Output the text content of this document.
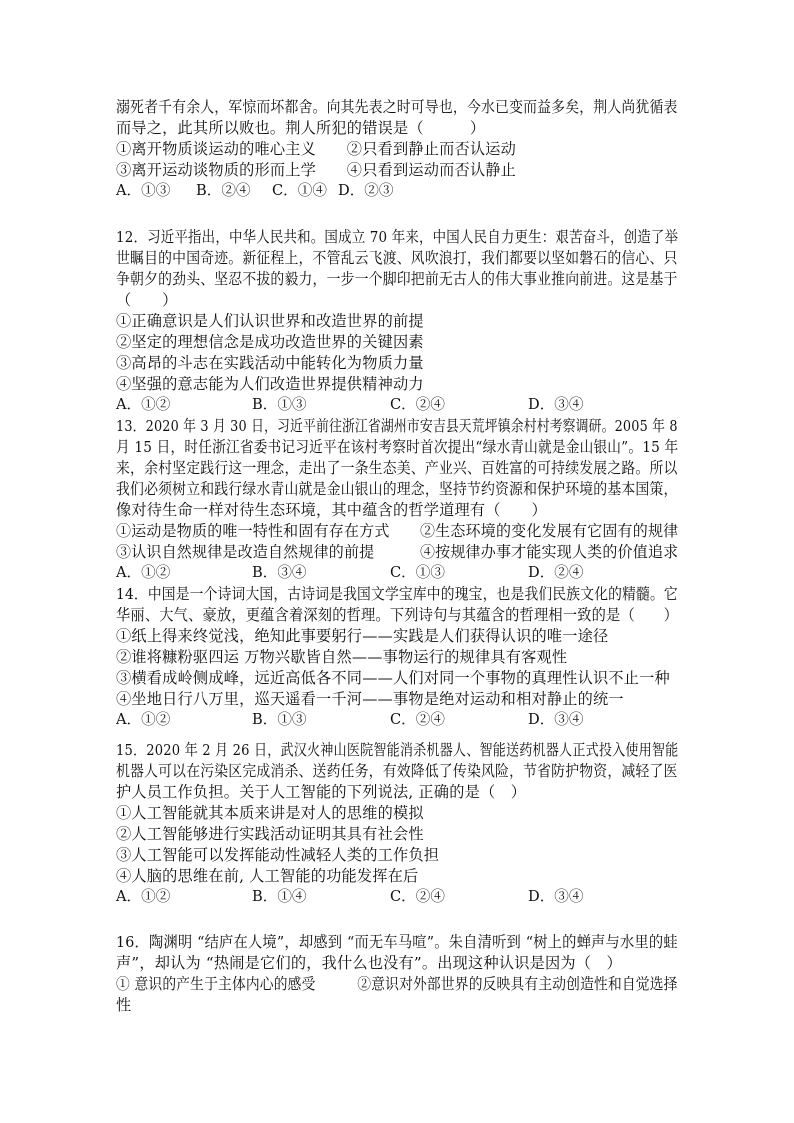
溺死者千有余人，军惊而坏都舍。向其先表之时可导也，今水已变而益多矣，荆人尚犹循表
而导之，此其所以败也。荆人所犯的错误是（　　　）
①离开物质谈运动的唯心主义　　②只看到静止而否认运动
③离开运动谈物质的形而上学　　④只看到运动而否认静止
A．①③ B．②④ C．①④ D．②③
12．习近平指出，中华人民共和。国成立 70 年来，中国人民自力更生：艰苦奋斗，创造了举
世瞩目的中国奇迹。新征程上，不管乱云飞渡、风吹浪打，我们都要以坚如磐石的信心、只
争朝夕的劲头、坚忍不拔的毅力，一步一个脚印把前无古人的伟大事业推向前进。这是基于
（　　）
①正确意识是人们认识世界和改造世界的前提
②坚定的理想信念是成功改造世界的关键因素
③高昂的斗志在实践活动中能转化为物质力量
④坚强的意志能为人们改造世界提供精神动力
A．①②	B．①③	C．②④	D．③④
13．2020 年 3 月 30 日，习近平前往浙江省湖州市安吉县天荒坪镇余村村考察调研。2005 年 8
月 15 日，时任浙江省委书记习近平在该村考察时首次提出“绿水青山就是金山银山”。15 年
来，余村坚定践行这一理念，走出了一条生态美、产业兴、百姓富的可持续发展之路。所以
我们必须树立和践行绿水青山就是金山银山的理念，坚持节约资源和保护环境的基本国策，
像对待生命一样对待生态环境，其中蕴含的哲学道理有（　　）
①运动是物质的唯一特性和固有存在方式　　②生态环境的变化发展有它固有的规律
③认识自然规律是改造自然规律的前提　　　④按规律办事才能实现人类的价值追求
A．①②	B．③④	C．①③	D．②④
14．中国是一个诗词大国，古诗词是我国文学宝库中的瑰宝，也是我们民族文化的精髓。它
华丽、大气、豪放，更蕴含着深刻的哲理。下列诗句与其蕴含的哲理相一致的是（　　）
①纸上得来终觉浅，绝知此事要躬行——实践是人们获得认识的唯一途径
②谁将糠粉驱四运 万物兴歇皆自然——事物运行的规律具有客观性
③横看成岭侧成峰，远近高低各不同——人们对同一个事物的真理性认识不止一种
④坐地日行八万里，巡天遥看一千河——事物是绝对运动和相对静止的统一
A．①②	B．①③	C．②④	D．③④
15．2020 年 2 月 26 日，武汉火神山医院智能消杀机器人、智能送药机器人正式投入使用智能
机器人可以在污染区完成消杀、送药任务，有效降低了传染风险，节省防护物资，减轻了医
护人员工作负担。关于人工智能的下列说法, 正确的是（　）
①人工智能就其本质来讲是对人的思维的模拟
②人工智能够进行实践活动证明其具有社会性
③人工智能可以发挥能动性减轻人类的工作负担
④人脑的思维在前, 人工智能的功能发挥在后
A．①②	B．①④	C．②④	D．③④
16．陶渊明 “结庐在人境”，却感到 “而无车马喧”。朱自清听到 “树上的蝉声与水里的蛙
声”，却认为 “热闹是它们的，我什么也没有”。出现这种认识是因为（　）
① 意识的产生于主体内心的感受　　　②意识对外部世界的反映具有主动创造性和自觉选择
性
